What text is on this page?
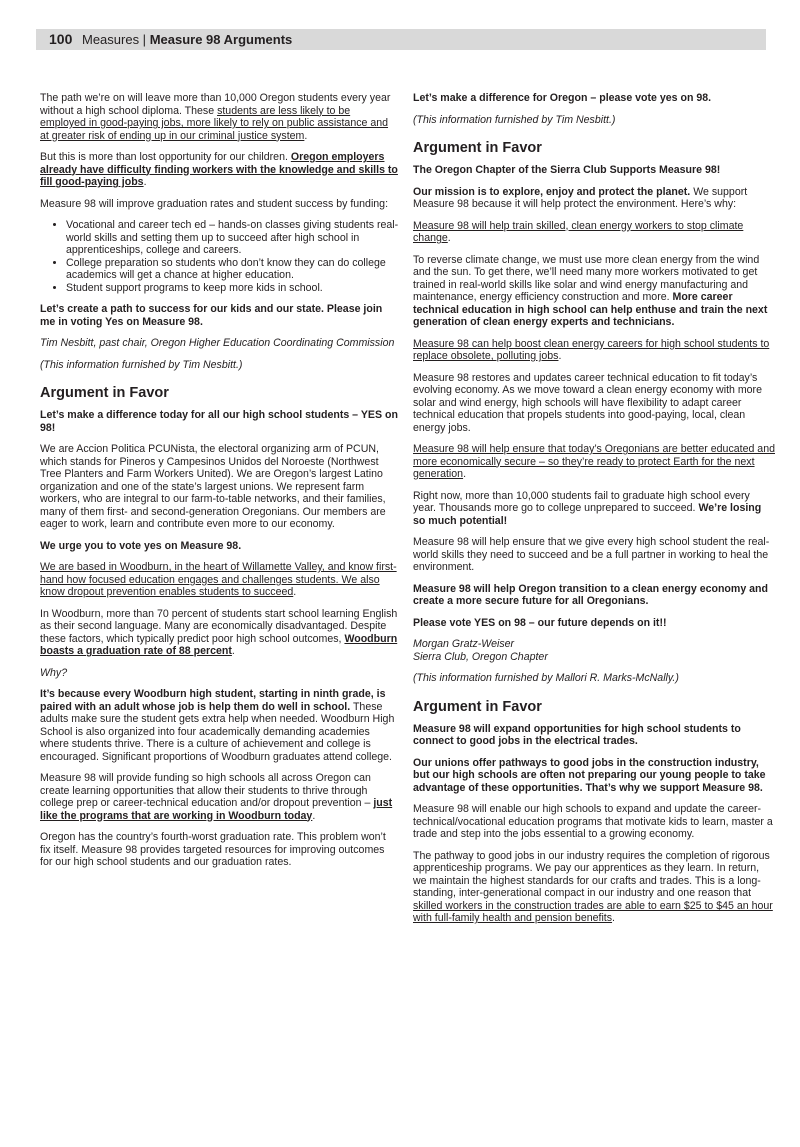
100 Measures | Measure 98 Arguments

The path we’re on will leave more than 10,000 Oregon students every year without a high school diploma. These students are less likely to be employed in good-paying jobs, more likely to rely on public assistance and at greater risk of ending up in our criminal justice system.

But this is more than lost opportunity for our children. Oregon employers already have difficulty finding workers with the knowledge and skills to fill good-paying jobs.

Measure 98 will improve graduation rates and student success by funding:

• Vocational and career tech ed – hands-on classes giving students real-world skills and setting them up to succeed after high school in apprenticeships, college and careers.
• College preparation so students who don’t know they can do college academics will get a chance at higher education.
• Student support programs to keep more kids in school.

Let’s create a path to success for our kids and our state. Please join me in voting Yes on Measure 98.

Tim Nesbitt, past chair, Oregon Higher Education Coordinating Commission

(This information furnished by Tim Nesbitt.)

Argument in Favor

Let’s make a difference today for all our high school students – YES on 98!

We are Accion Politica PCUNista, the electoral organizing arm of PCUN, which stands for Pineros y Campesinos Unidos del Noroeste (Northwest Tree Planters and Farm Workers United). We are Oregon’s largest Latino organization and one of the state’s largest unions. We represent farm workers, who are integral to our farm-to-table networks, and their families, many of them first- and second-generation Oregonians. Our members are eager to work, learn and contribute even more to our economy.

We urge you to vote yes on Measure 98.

We are based in Woodburn, in the heart of Willamette Valley, and know first-hand how focused education engages and challenges students. We also know dropout prevention enables students to succeed.

In Woodburn, more than 70 percent of students start school learning English as their second language. Many are economically disadvantaged. Despite these factors, which typically predict poor high school outcomes, Woodburn boasts a graduation rate of 88 percent.

Why?

It’s because every Woodburn high student, starting in ninth grade, is paired with an adult whose job is help them do well in school. These adults make sure the student gets extra help when needed. Woodburn High School is also organized into four academically demanding academies where students thrive. There is a culture of achievement and college is encouraged. Significant proportions of Woodburn graduates attend college.

Measure 98 will provide funding so high schools all across Oregon can create learning opportunities that allow their students to thrive through college prep or career-technical education and/or dropout prevention – just like the programs that are working in Woodburn today.

Oregon has the country’s fourth-worst graduation rate. This problem won’t fix itself. Measure 98 provides targeted resources for improving outcomes for our high school students and our graduation rates.

Let’s make a difference for Oregon – please vote yes on 98.

(This information furnished by Tim Nesbitt.)

Argument in Favor

The Oregon Chapter of the Sierra Club Supports Measure 98!

Our mission is to explore, enjoy and protect the planet. We support Measure 98 because it will help protect the environment. Here’s why:

Measure 98 will help train skilled, clean energy workers to stop climate change.

To reverse climate change, we must use more clean energy from the wind and the sun. To get there, we’ll need many more workers motivated to get trained in real-world skills like solar and wind energy manufacturing and maintenance, energy efficiency construction and more. More career technical education in high school can help enthuse and train the next generation of clean energy experts and technicians.

Measure 98 can help boost clean energy careers for high school students to replace obsolete, polluting jobs.

Measure 98 restores and updates career technical education to fit today’s evolving economy. As we move toward a clean energy economy with more solar and wind energy, high schools will have flexibility to adapt career technical education that propels students into good-paying, local, clean energy jobs.

Measure 98 will help ensure that today’s Oregonians are better educated and more economically secure – so they’re ready to protect Earth for the next generation.

Right now, more than 10,000 students fail to graduate high school every year. Thousands more go to college unprepared to succeed. We’re losing so much potential!

Measure 98 will help ensure that we give every high school student the real-world skills they need to succeed and be a full partner in working to heal the environment.

Measure 98 will help Oregon transition to a clean energy economy and create a more secure future for all Oregonians.

Please vote YES on 98 – our future depends on it!!

Morgan Gratz-Weiser
Sierra Club, Oregon Chapter

(This information furnished by Mallori R. Marks-McNally.)

Argument in Favor

Measure 98 will expand opportunities for high school students to connect to good jobs in the electrical trades.

Our unions offer pathways to good jobs in the construction industry, but our high schools are often not preparing our young people to take advantage of these opportunities. That’s why we support Measure 98.

Measure 98 will enable our high schools to expand and update the career-technical/vocational education programs that motivate kids to learn, master a trade and step into the jobs essential to a growing economy.

The pathway to good jobs in our industry requires the completion of rigorous apprenticeship programs. We pay our apprentices as they learn. In return, we maintain the highest standards for our crafts and trades. This is a long-standing, inter-generational compact in our industry and one reason that skilled workers in the construction trades are able to earn $25 to $45 an hour with full-family health and pension benefits.
